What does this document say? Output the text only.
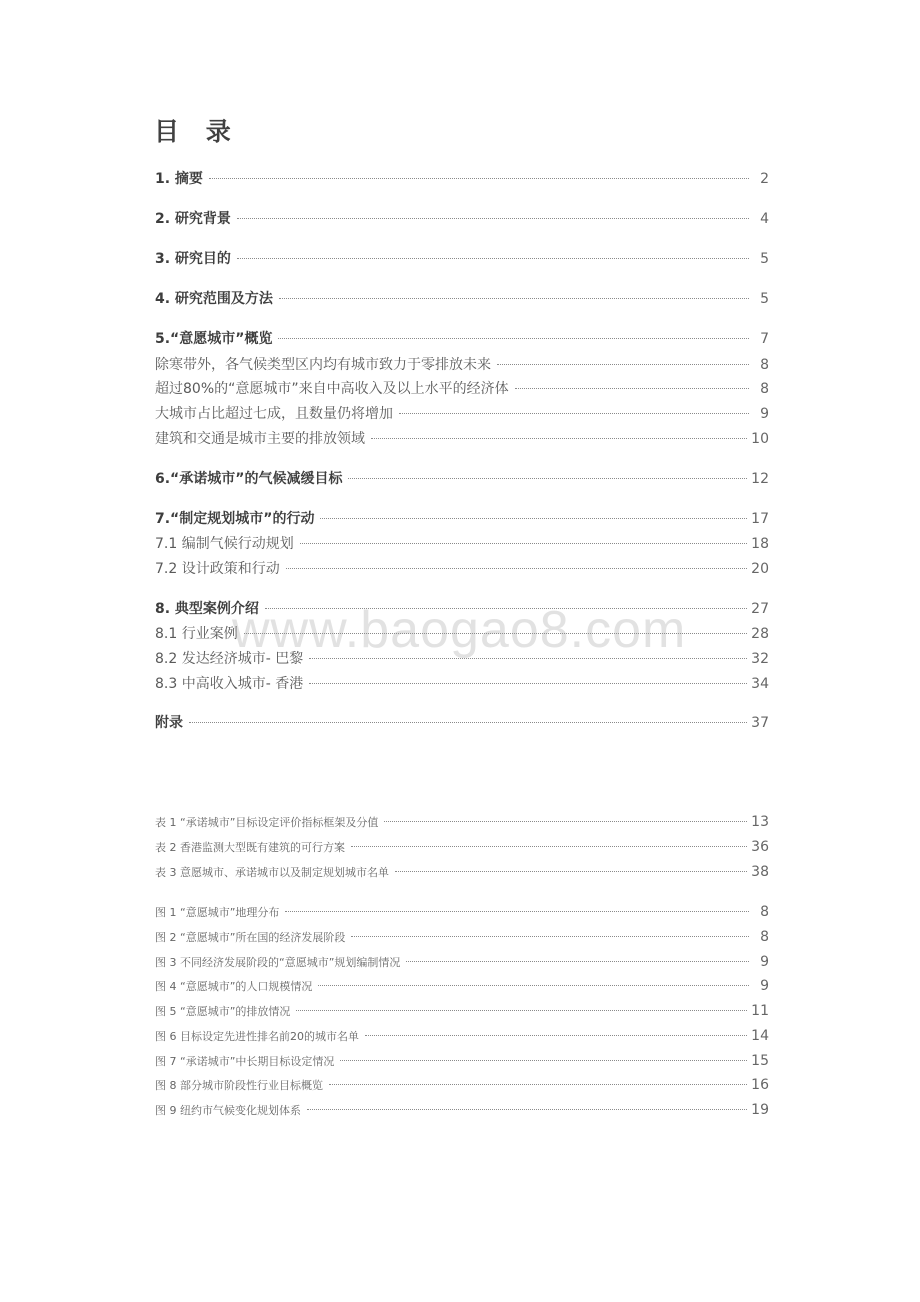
目 录
1. 摘要	2
2. 研究背景	4
3. 研究目的	5
4. 研究范围及方法	5
5.“意愿城市”概览	7
除寒带外，各气候类型区内均有城市致力于零排放未来	8
超过80%的“意愿城市”来自中高收入及以上水平的经济体	8
大城市占比超过七成，且数量仍将增加	9
建筑和交通是城市主要的排放领域	10
6.“承诺城市”的气候减缓目标	12
7.“制定规划城市”的行动	17
7.1 编制气候行动规划	18
7.2 设计政策和行动	20
8. 典型案例介绍	27
8.1 行业案例	28
8.2 发达经济城市- 巴黎	32
8.3 中高收入城市- 香港	34
附录	37
表 1 “承诺城市”目标设定评价指标框架及分值	13
表 2 香港监测大型既有建筑的可行方案	36
表 3 意愿城市、承诺城市以及制定规划城市名单	38
图 1 “意愿城市”地理分布	8
图 2 “意愿城市”所在国的经济发展阶段	8
图 3 不同经济发展阶段的“意愿城市”规划编制情况	9
图 4 “意愿城市”的人口规模情况	9
图 5 “意愿城市”的排放情况	11
图 6 目标设定先进性排名前20的城市名单	14
图 7 “承诺城市”中长期目标设定情况	15
图 8 部分城市阶段性行业目标概览	16
图 9 纽约市气候变化规划体系	19
www.baogao8.com
